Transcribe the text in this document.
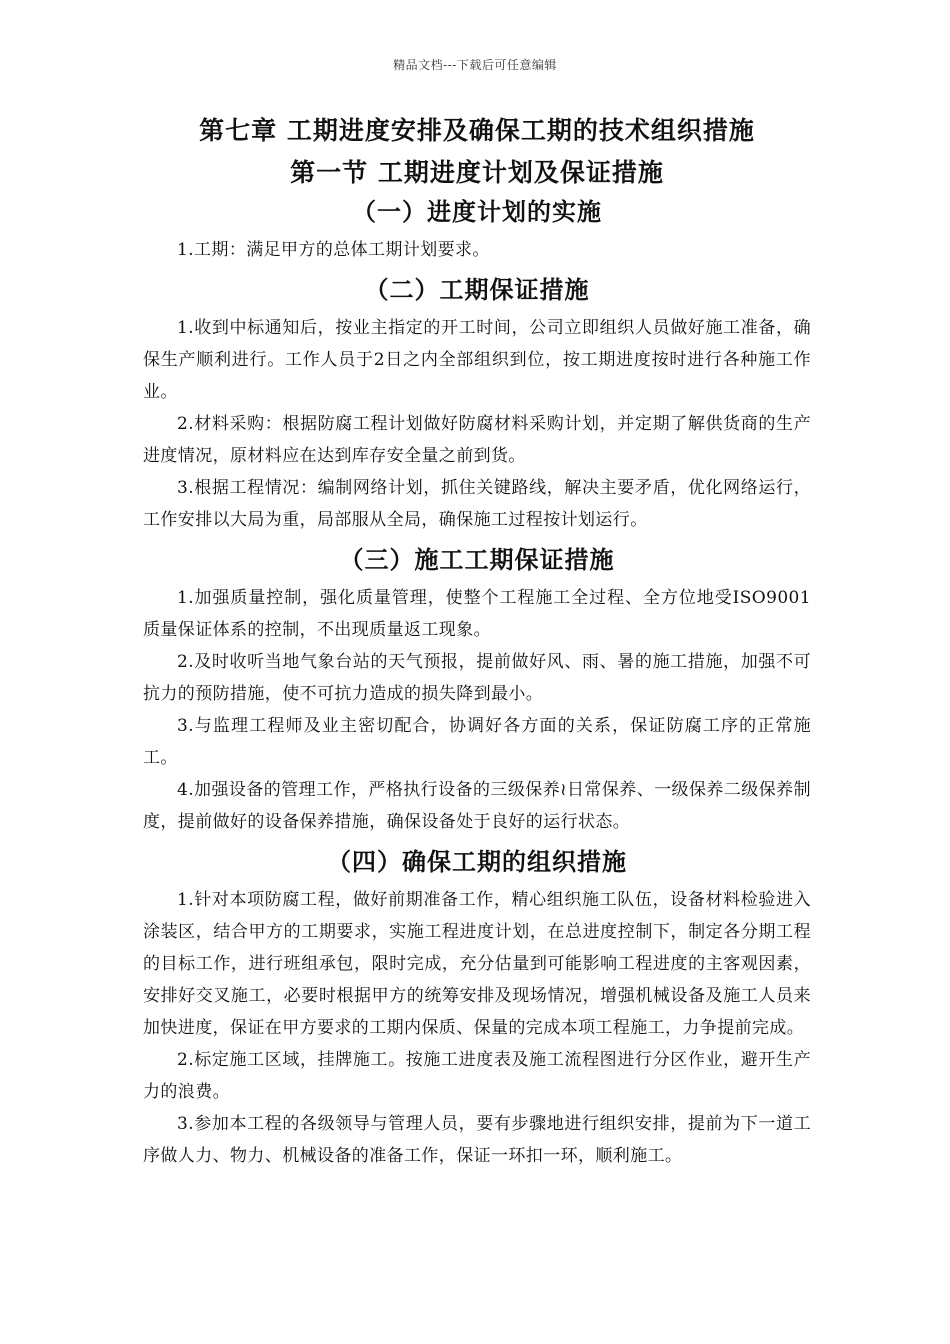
精品文档---下载后可任意编辑
第七章 工期进度安排及确保工期的技术组织措施
第一节 工期进度计划及保证措施
（一）进度计划的实施

1.工期：满足甲方的总体工期计划要求。

（二）工期保证措施

1.收到中标通知后，按业主指定的开工时间，公司立即组织人员做好施工准备，确保生产顺利进行。工作人员于2日之内全部组织到位，按工期进度按时进行各种施工作业。

2.材料采购：根据防腐工程计划做好防腐材料采购计划，并定期了解供货商的生产进度情况，原材料应在达到库存安全量之前到货。

3.根据工程情况：编制网络计划，抓住关键路线，解决主要矛盾，优化网络运行，工作安排以大局为重，局部服从全局，确保施工过程按计划运行。

（三）施工工期保证措施

1.加强质量控制，强化质量管理，使整个工程施工全过程、全方位地受ISO9001质量保证体系的控制，不出现质量返工现象。

2.及时收听当地气象台站的天气预报，提前做好风、雨、暑的施工措施，加强不可抗力的预防措施，使不可抗力造成的损失降到最小。

3.与监理工程师及业主密切配合，协调好各方面的关系，保证防腐工序的正常施工。

4.加强设备的管理工作，严格执行设备的三级保养≀日常保养、一级保养二级保养制度，提前做好的设备保养措施，确保设备处于良好的运行状态。

（四）确保工期的组织措施

1.针对本项防腐工程，做好前期准备工作，精心组织施工队伍，设备材料检验进入涂装区，结合甲方的工期要求，实施工程进度计划，在总进度控制下，制定各分期工程的目标工作，进行班组承包，限时完成，充分估量到可能影响工程进度的主客观因素，安排好交叉施工，必要时根据甲方的统筹安排及现场情况，增强机械设备及施工人员来加快进度，保证在甲方要求的工期内保质、保量的完成本项工程施工，力争提前完成。

2.标定施工区域，挂牌施工。按施工进度表及施工流程图进行分区作业，避开生产力的浪费。

3.参加本工程的各级领导与管理人员，要有步骤地进行组织安排，提前为下一道工序做人力、物力、机械设备的准备工作，保证一环扣一环，顺利施工。
